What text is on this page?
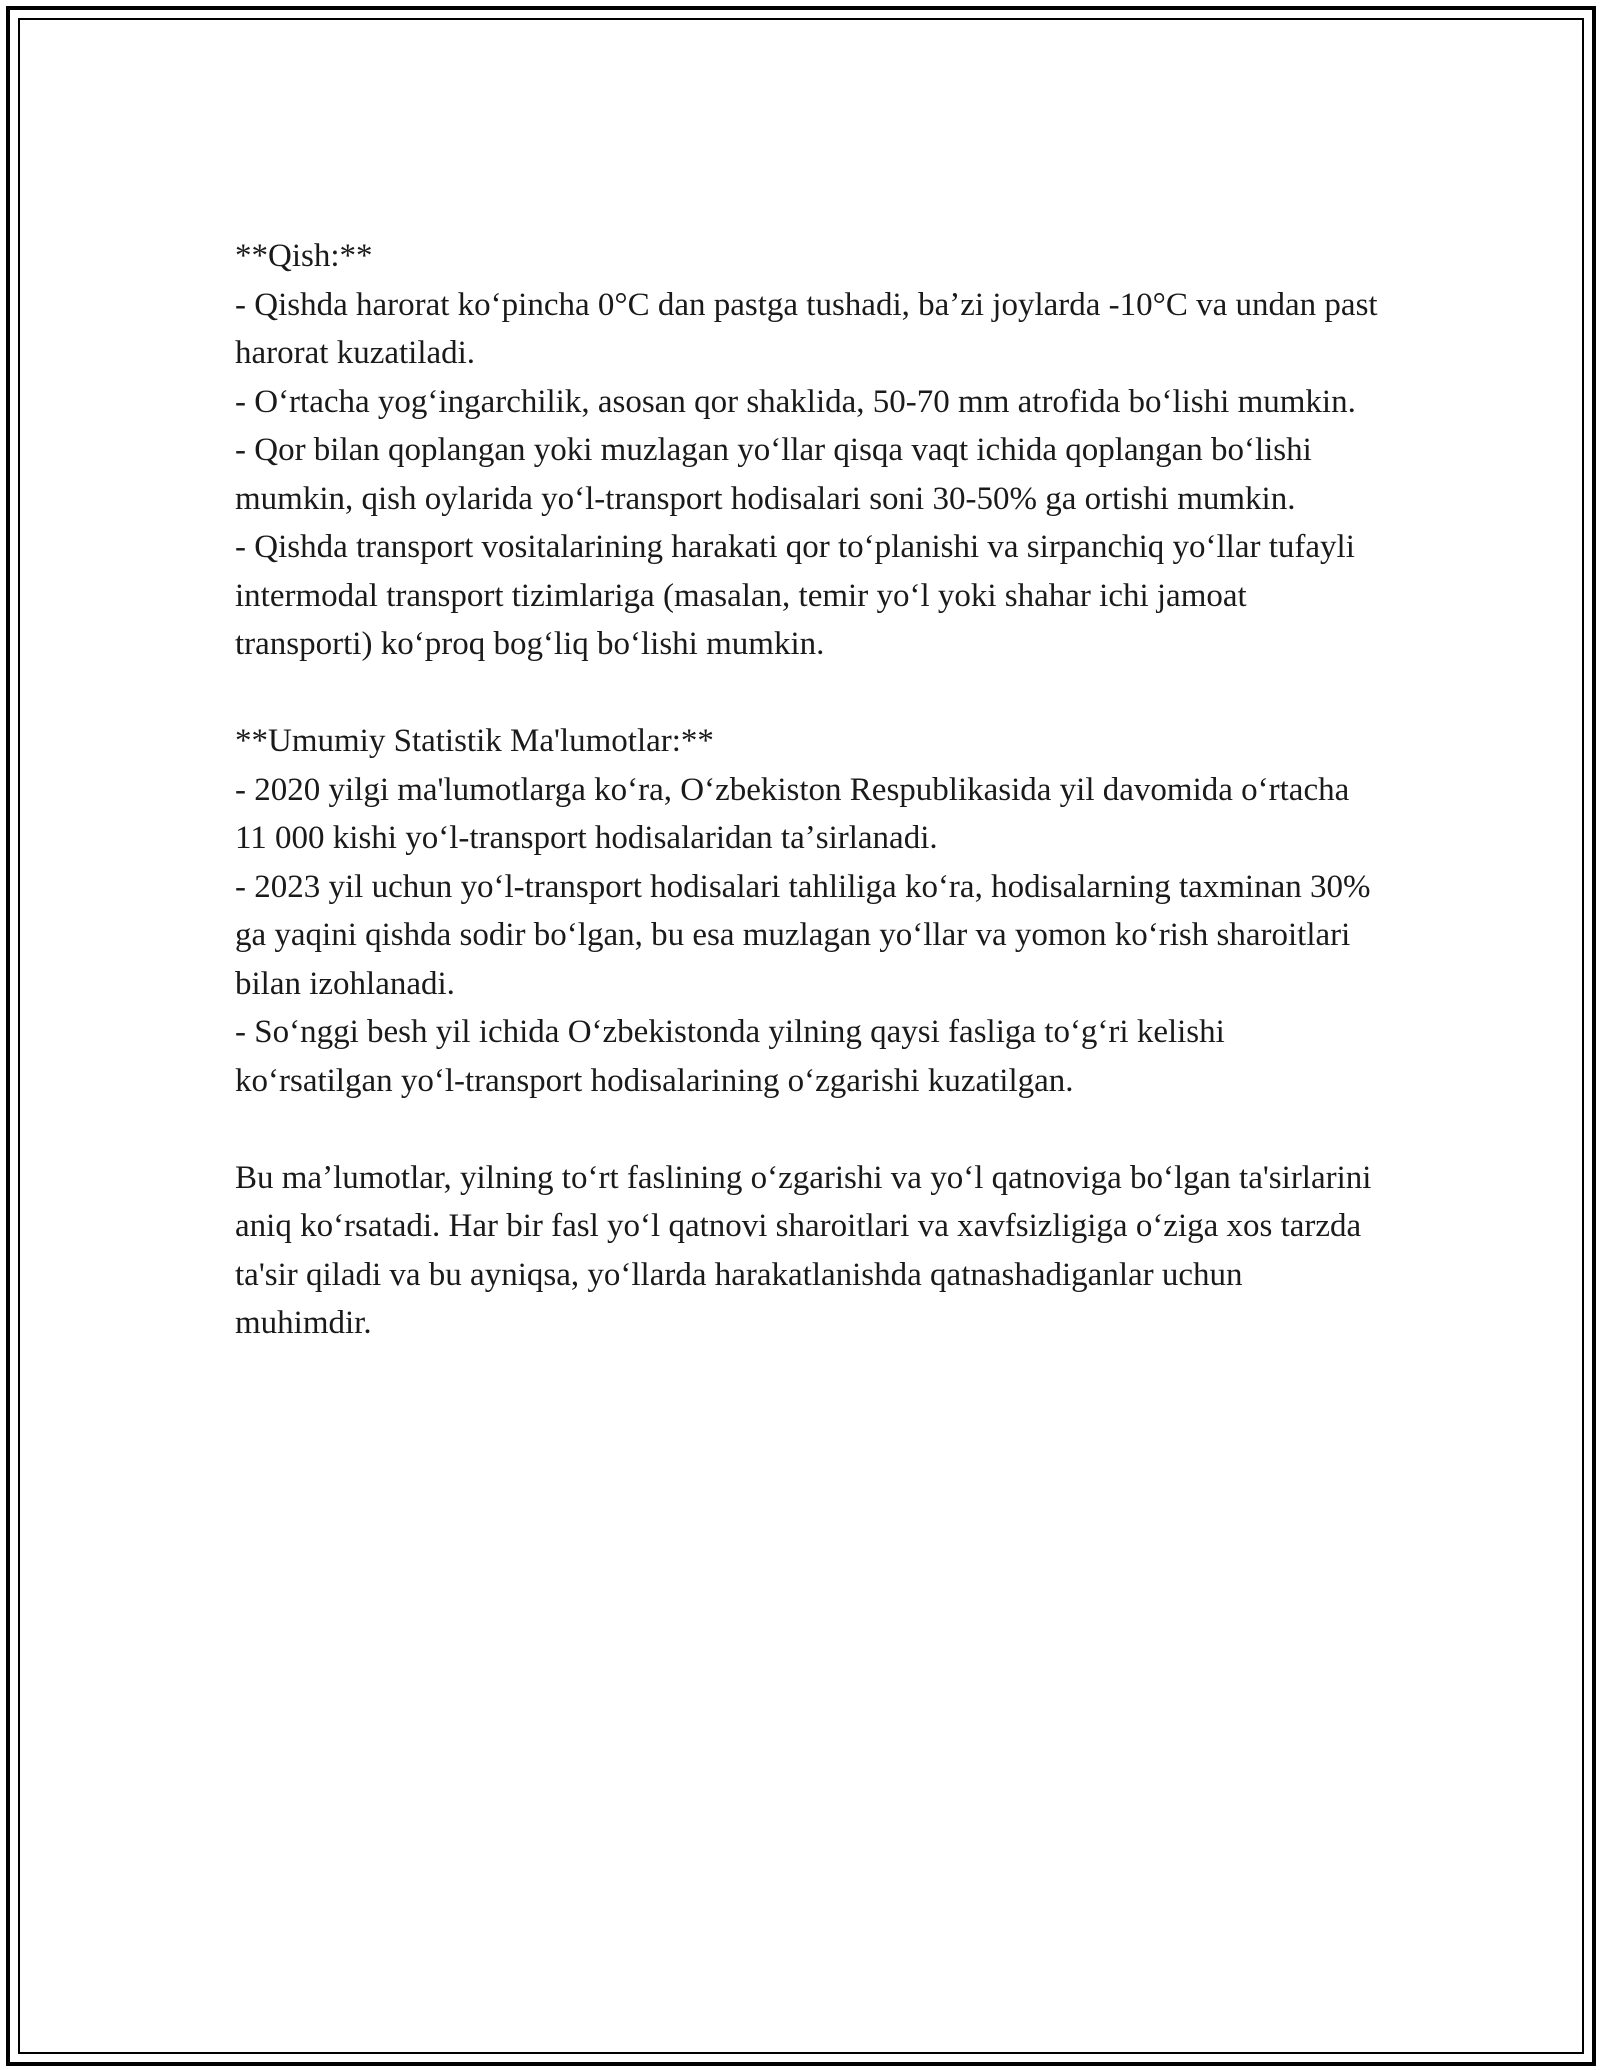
**Qish:**
- Qishda harorat koʻpincha 0°C dan pastga tushadi, baʼzi joylarda -10°C va undan past harorat kuzatiladi.
- Oʻrtacha yogʻingarchilik, asosan qor shaklida, 50-70 mm atrofida boʻlishi mumkin.
- Qor bilan qoplangan yoki muzlagan yoʻllar qisqa vaqt ichida qoplangan boʻlishi mumkin, qish oylarida yoʻl-transport hodisalari soni 30-50% ga ortishi mumkin.
- Qishda transport vositalarining harakati qor toʻplanishi va sirpanchiq yoʻllar tufayli intermodal transport tizimlariga (masalan, temir yoʻl yoki shahar ichi jamoat transporti) koʻproq bogʻliq boʻlishi mumkin.
**Umumiy Statistik Ma'lumotlar:**
- 2020 yilgi ma'lumotlarga koʻra, Oʻzbekiston Respublikasida yil davomida oʻrtacha 11 000 kishi yoʻl-transport hodisalaridan taʼsirlanadi.
- 2023 yil uchun yoʻl-transport hodisalari tahliliga koʻra, hodisalarning taxminan 30% ga yaqini qishda sodir boʻlgan, bu esa muzlagan yoʻllar va yomon koʻrish sharoitlari bilan izohlanadi.
- Soʻnggi besh yil ichida Oʻzbekistonda yilning qaysi fasliga toʻgʻri kelishi koʻrsatilgan yoʻl-transport hodisalarining oʻzgarishi kuzatilgan.
Bu maʼlumotlar, yilning toʻrt faslining oʻzgarishi va yoʻl qatnoviga boʻlgan ta'sirlarini aniq koʻrsatadi. Har bir fasl yoʻl qatnovi sharoitlari va xavfsizligiga oʻziga xos tarzda ta'sir qiladi va bu ayniqsa, yoʻllarda harakatlanishda qatnashadiganlar uchun muhimdir.
